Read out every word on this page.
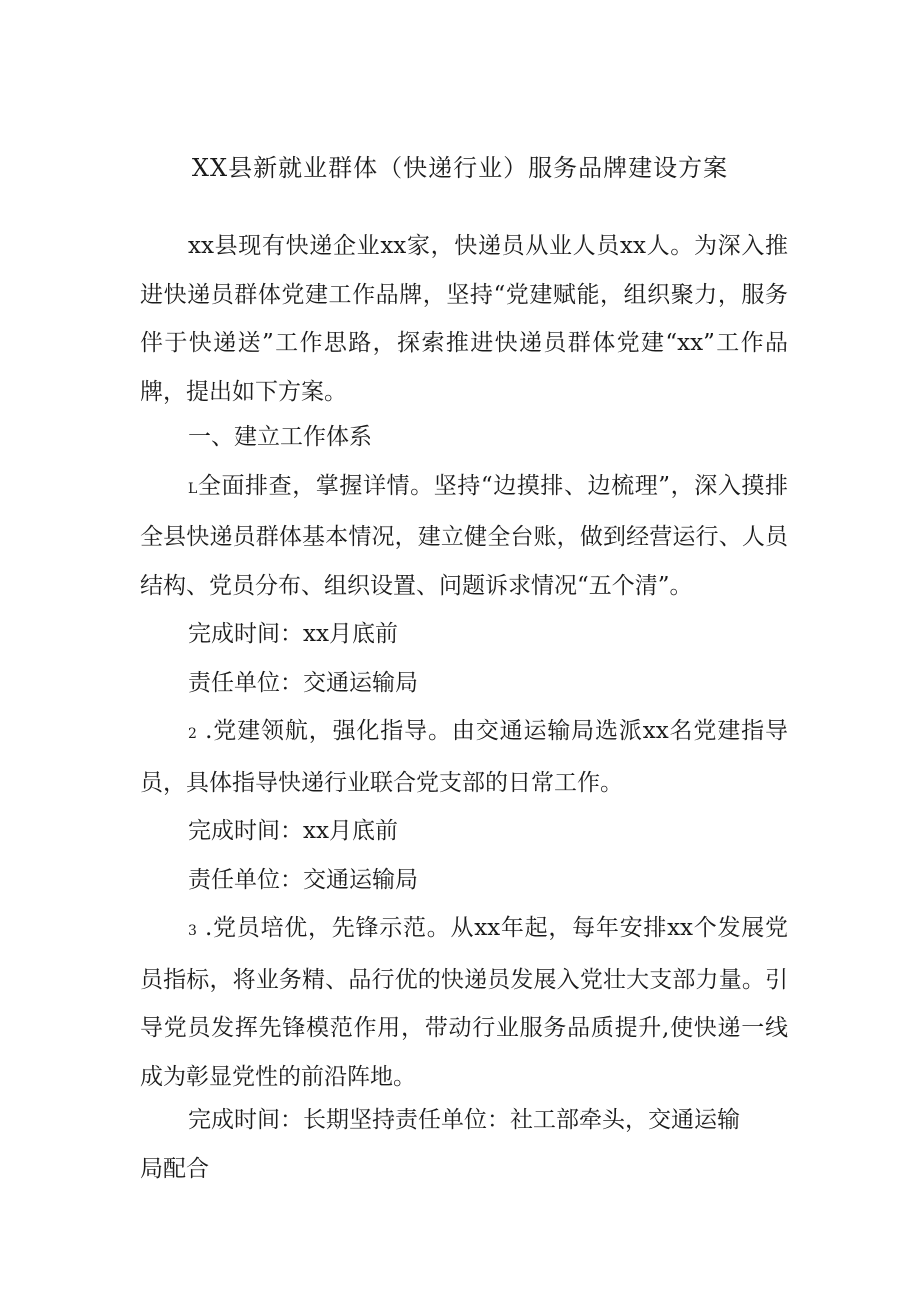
XX县新就业群体（快递行业）服务品牌建设方案

xx县现有快递企业xx家，快递员从业人员xx人。为深入推进快递员群体党建工作品牌，坚持“党建赋能，组织聚力，服务伴于快递送”工作思路，探索推进快递员群体党建“xx”工作品牌，提出如下方案。

一、建立工作体系

L全面排查，掌握详情。坚持“边摸排、边梳理”，深入摸排全县快递员群体基本情况，建立健全台账，做到经营运行、人员结构、党员分布、组织设置、问题诉求情况“五个清”。

完成时间：xx月底前

责任单位：交通运输局

2 .党建领航，强化指导。由交通运输局选派xx名党建指导员，具体指导快递行业联合党支部的日常工作。

完成时间：xx月底前

责任单位：交通运输局

3 .党员培优，先锋示范。从xx年起，每年安排xx个发展党员指标，将业务精、品行优的快递员发展入党壮大支部力量。引导党员发挥先锋模范作用，带动行业服务品质提升,使快递一线成为彰显党性的前沿阵地。

完成时间：长期坚持责任单位：社工部牵头，交通运输

局配合
